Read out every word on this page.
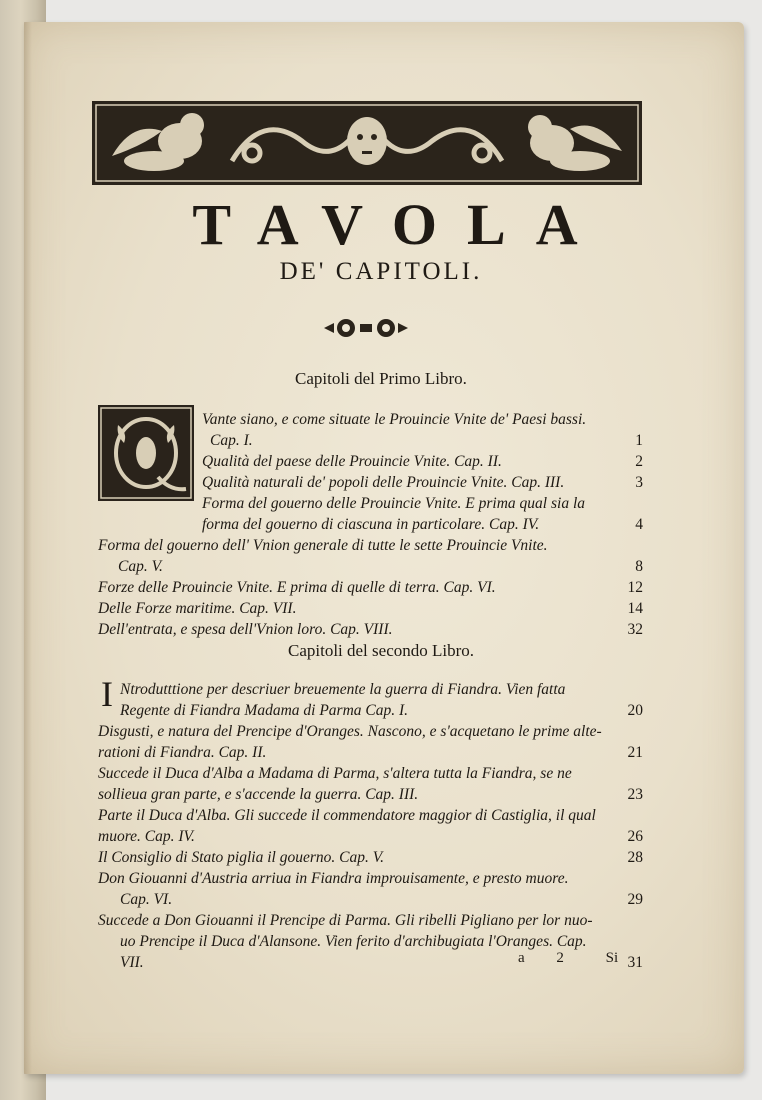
TAVOLA
DE' CAPITOLI.
Capitoli del Primo Libro.
Vante siano, e come situate le Prouincie Vnite de' Paesi bassi.
Cap. I.	1
Qualità del paese delle Prouincie Vnite. Cap. II.	2
Qualità naturali de' popoli delle Prouincie Vnite. Cap. III.	3
Forma del gouerno delle Prouincie Vnite. E prima qual sia la
forma del gouerno di ciascuna in particolare. Cap. IV.	4
Forma del gouerno dell' Vnion generale di tutte le sette Prouincie Vnite.
Cap. V.	8
Forze delle Prouincie Vnite. E prima di quelle di terra. Cap. VI.	12
Delle Forze maritime. Cap. VII.	14
Dell'entrata, e spesa dell'Vnion loro. Cap. VIII.	32
Capitoli del secondo Libro.
I Ntrodutttione per descriuer breuemente la guerra di Fiandra. Vien fatta
Regente di Fiandra Madama di Parma Cap. I.	20
Disgusti, e natura del Prencipe d'Oranges. Nascono, e s'acquetano le prime alte-
rationi di Fiandra. Cap. II.	21
Succede il Duca d'Alba a Madama di Parma, s'altera tutta la Fiandra, se ne
sollieua gran parte, e s'accende la guerra. Cap. III.	23
Parte il Duca d'Alba. Gli succede il commendatore maggior di Castiglia, il qual
muore. Cap. IV.	26
Il Consiglio di Stato piglia il gouerno. Cap. V.	28
Don Giouanni d'Austria arriua in Fiandra improuisamente, e presto muore.
Cap. VI.	29
Succede a Don Giouanni il Prencipe di Parma. Gli ribelli Pigliano per lor nuo-
uo Prencipe il Duca d'Alansone. Vien ferito d'archibugiata l'Oranges. Cap.
VII.	31
a 2 Si
